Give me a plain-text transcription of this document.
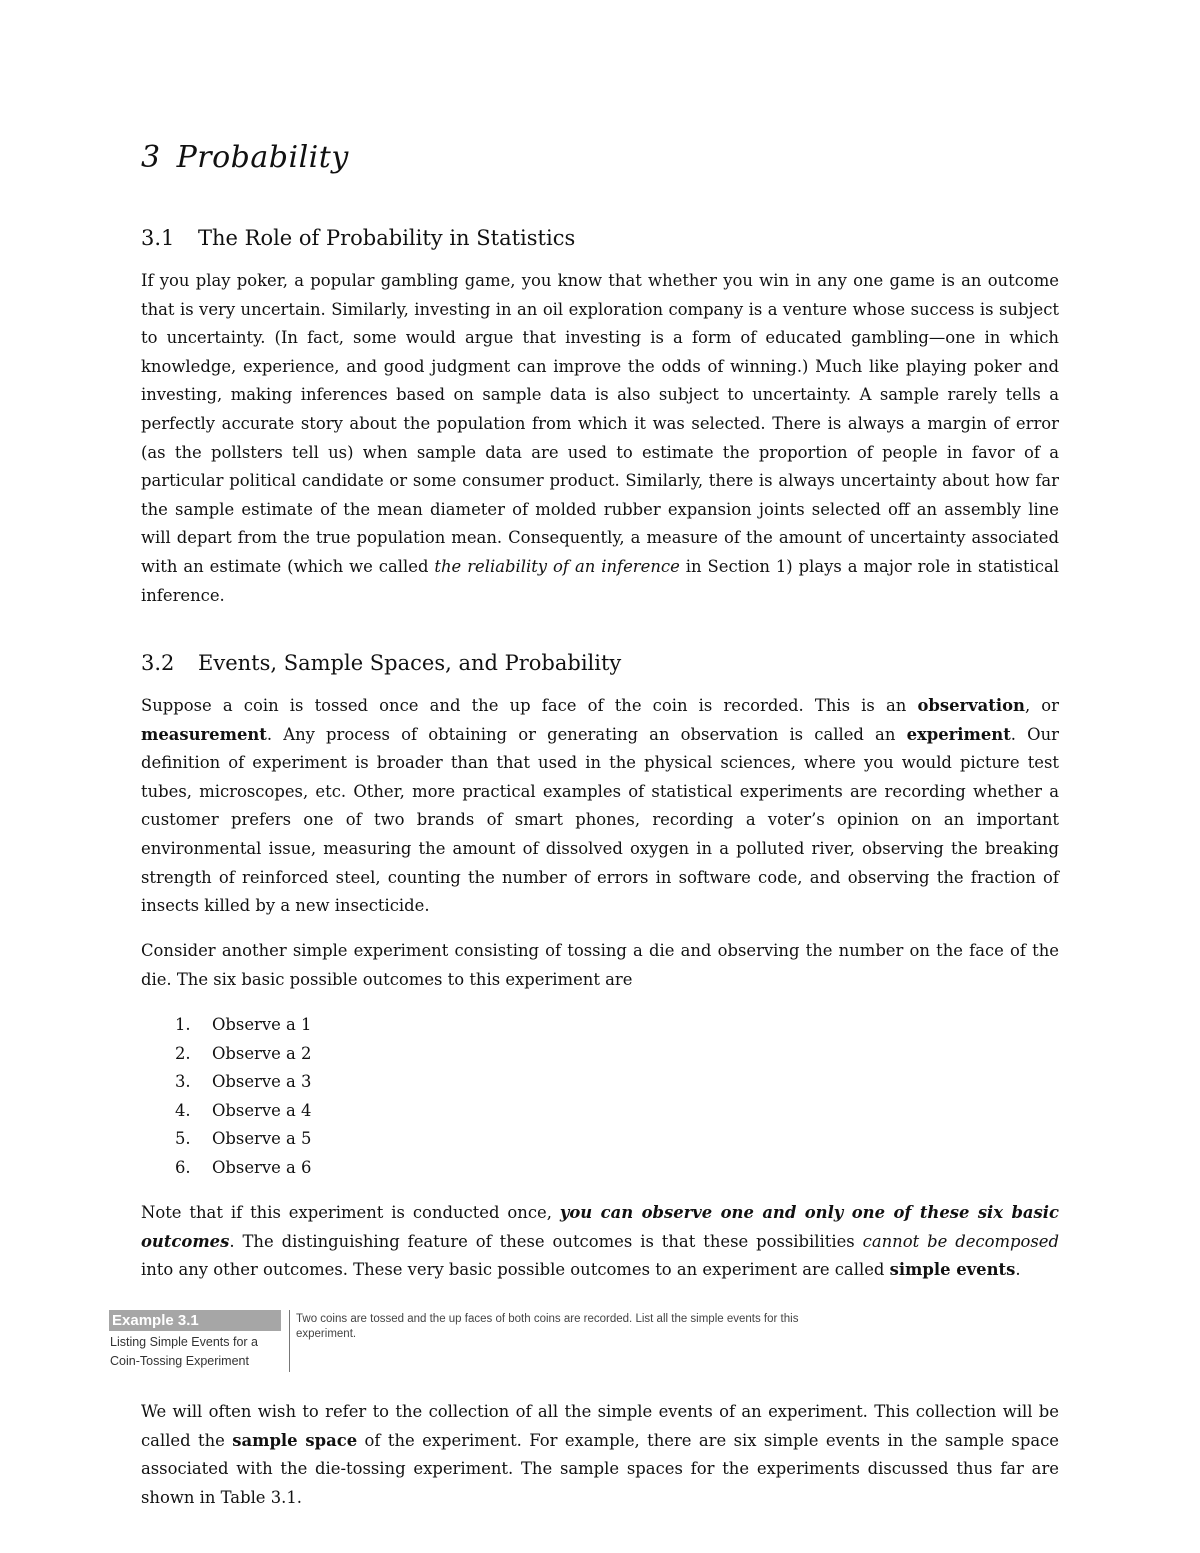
3 Probability
3.1 The Role of Probability in Statistics

If you play poker, a popular gambling game, you know that whether you win in any one game is an outcome that is very uncertain. Similarly, investing in an oil exploration company is a venture whose success is subject to uncertainty. (In fact, some would argue that investing is a form of educated gambling—one in which knowledge, experience, and good judgment can improve the odds of winning.) Much like playing poker and investing, making inferences based on sample data is also subject to uncertainty. A sample rarely tells a perfectly accurate story about the population from which it was selected. There is always a margin of error (as the pollsters tell us) when sample data are used to estimate the proportion of people in favor of a particular political candidate or some consumer product. Similarly, there is always uncertainty about how far the sample estimate of the mean diameter of molded rubber expansion joints selected off an assembly line will depart from the true population mean. Consequently, a measure of the amount of uncertainty associated with an estimate (which we called the reliability of an inference in Section 1) plays a major role in statistical inference.

3.2 Events, Sample Spaces, and Probability

Suppose a coin is tossed once and the up face of the coin is recorded. This is an observation, or measurement. Any process of obtaining or generating an observation is called an experiment. Our definition of experiment is broader than that used in the physical sciences, where you would picture test tubes, microscopes, etc. Other, more practical examples of statistical experiments are recording whether a customer prefers one of two brands of smart phones, recording a voter’s opinion on an important environmental issue, measuring the amount of dissolved oxygen in a polluted river, observing the breaking strength of reinforced steel, counting the number of errors in software code, and observing the fraction of insects killed by a new insecticide.

Consider another simple experiment consisting of tossing a die and observing the number on the face of the die. The six basic possible outcomes to this experiment are

1.	Observe a 1
2.	Observe a 2
3.	Observe a 3
4.	Observe a 4
5.	Observe a 5
6.	Observe a 6

Note that if this experiment is conducted once, you can observe one and only one of these six basic outcomes. The distinguishing feature of these outcomes is that these possibilities cannot be decomposed into any other outcomes. These very basic possible outcomes to an experiment are called simple events.

We will often wish to refer to the collection of all the simple events of an experiment. This collection will be called the sample space of the experiment. For example, there are six simple events in the sample space associated with the die-tossing experiment. The sample spaces for the experiments discussed thus far are shown in Table 3.1.

Example 3.1
Listing Simple Events for a
Coin-Tossing Experiment
Two coins are tossed and the up faces of both coins are recorded. List all the simple events for this experiment.
